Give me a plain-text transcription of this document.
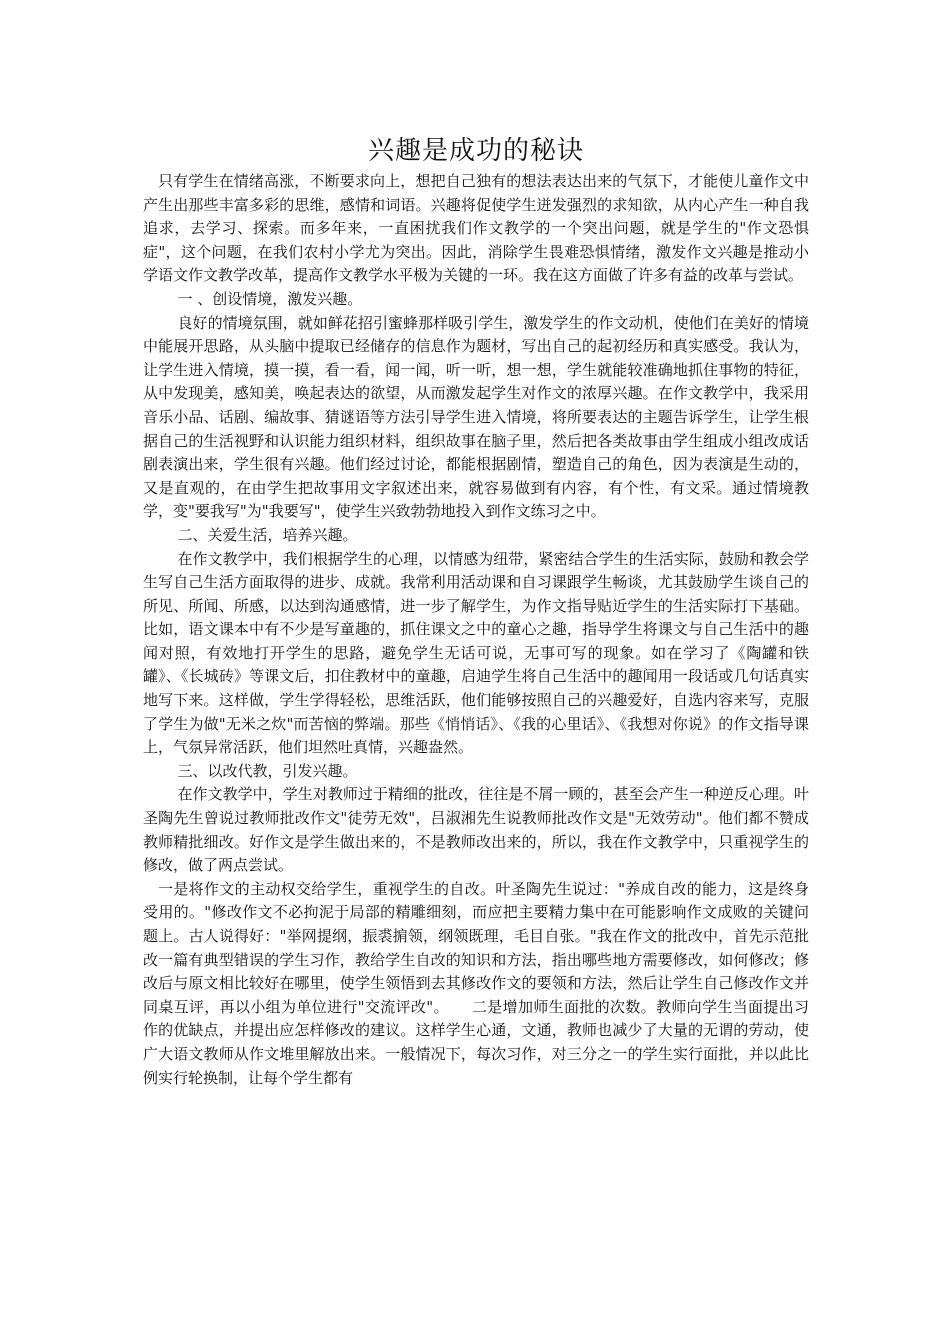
兴趣是成功的秘诀

只有学生在情绪高涨，不断要求向上，想把自己独有的想法表达出来的气氛下，才能使儿童作文中产生出那些丰富多彩的思维，感情和词语。兴趣将促使学生迸发强烈的求知欲，从内心产生一种自我追求，去学习、探索。而多年来，一直困扰我们作文教学的一个突出问题，就是学生的"作文恐惧症"，这个问题，在我们农村小学尤为突出。因此，消除学生畏难恐惧情绪，激发作文兴趣是推动小学语文作文教学改革，提高作文教学水平极为关键的一环。我在这方面做了许多有益的改革与尝试。

一 、创设情境，激发兴趣。

良好的情境氛围，就如鲜花招引蜜蜂那样吸引学生，激发学生的作文动机，使他们在美好的情境中能展开思路，从头脑中提取已经储存的信息作为题材，写出自己的起初经历和真实感受。我认为，让学生进入情境，摸一摸，看一看，闻一闻，听一听，想一想，学生就能较准确地抓住事物的特征，从中发现美，感知美，唤起表达的欲望，从而激发起学生对作文的浓厚兴趣。在作文教学中，我采用音乐小品、话剧、编故事、猜谜语等方法引导学生进入情境，将所要表达的主题告诉学生，让学生根据自己的生活视野和认识能力组织材料，组织故事在脑子里，然后把各类故事由学生组成小组改成话剧表演出来，学生很有兴趣。他们经过讨论，都能根据剧情，塑造自己的角色，因为表演是生动的，又是直观的，在由学生把故事用文字叙述出来，就容易做到有内容，有个性，有文采。通过情境教学，变"要我写"为"我要写"，使学生兴致勃勃地投入到作文练习之中。

二、关爱生活，培养兴趣。

在作文教学中，我们根据学生的心理，以情感为纽带，紧密结合学生的生活实际，鼓励和教会学生写自己生活方面取得的进步、成就。我常利用活动课和自习课跟学生畅谈，尤其鼓励学生谈自己的所见、所闻、所感，以达到沟通感情，进一步了解学生，为作文指导贴近学生的生活实际打下基础。比如，语文课本中有不少是写童趣的，抓住课文之中的童心之趣，指导学生将课文与自己生活中的趣闻对照，有效地打开学生的思路，避免学生无话可说，无事可写的现象。如在学习了《陶罐和铁罐》、《长城砖》等课文后，扣住教材中的童趣，启迪学生将自己生活中的趣闻用一段话或几句话真实地写下来。这样做，学生学得轻松，思维活跃，他们能够按照自己的兴趣爱好，自选内容来写，克服了学生为做"无米之炊"而苦恼的弊端。那些《悄悄话》、《我的心里话》、《我想对你说》的作文指导课上，气氛异常活跃，他们坦然吐真情，兴趣盎然。

三、以改代教，引发兴趣。

在作文教学中，学生对教师过于精细的批改，往往是不屑一顾的，甚至会产生一种逆反心理。叶圣陶先生曾说过教师批改作文"徒劳无效"，吕淑湘先生说教师批改作文是"无效劳动"。他们都不赞成教师精批细改。好作文是学生做出来的，不是教师改出来的，所以，我在作文教学中，只重视学生的修改，做了两点尝试。

一是将作文的主动权交给学生，重视学生的自改。叶圣陶先生说过："养成自改的能力，这是终身受用的。"修改作文不必拘泥于局部的精雕细刻，而应把主要精力集中在可能影响作文成败的关键问题上。古人说得好："举网提纲，振裘掮领，纲领既理，毛目自张。"我在作文的批改中，首先示范批改一篇有典型错误的学生习作，教给学生自改的知识和方法，指出哪些地方需要修改，如何修改；修改后与原文相比较好在哪里，使学生领悟到去其修改作文的要领和方法，然后让学生自己修改作文并同桌互评，再以小组为单位进行"交流评改"。　　二是增加师生面批的次数。教师向学生当面提出习作的优缺点，并提出应怎样修改的建议。这样学生心通，文通，教师也减少了大量的无谓的劳动，使广大语文教师从作文堆里解放出来。一般情况下，每次习作，对三分之一的学生实行面批，并以此比例实行轮换制，让每个学生都有
